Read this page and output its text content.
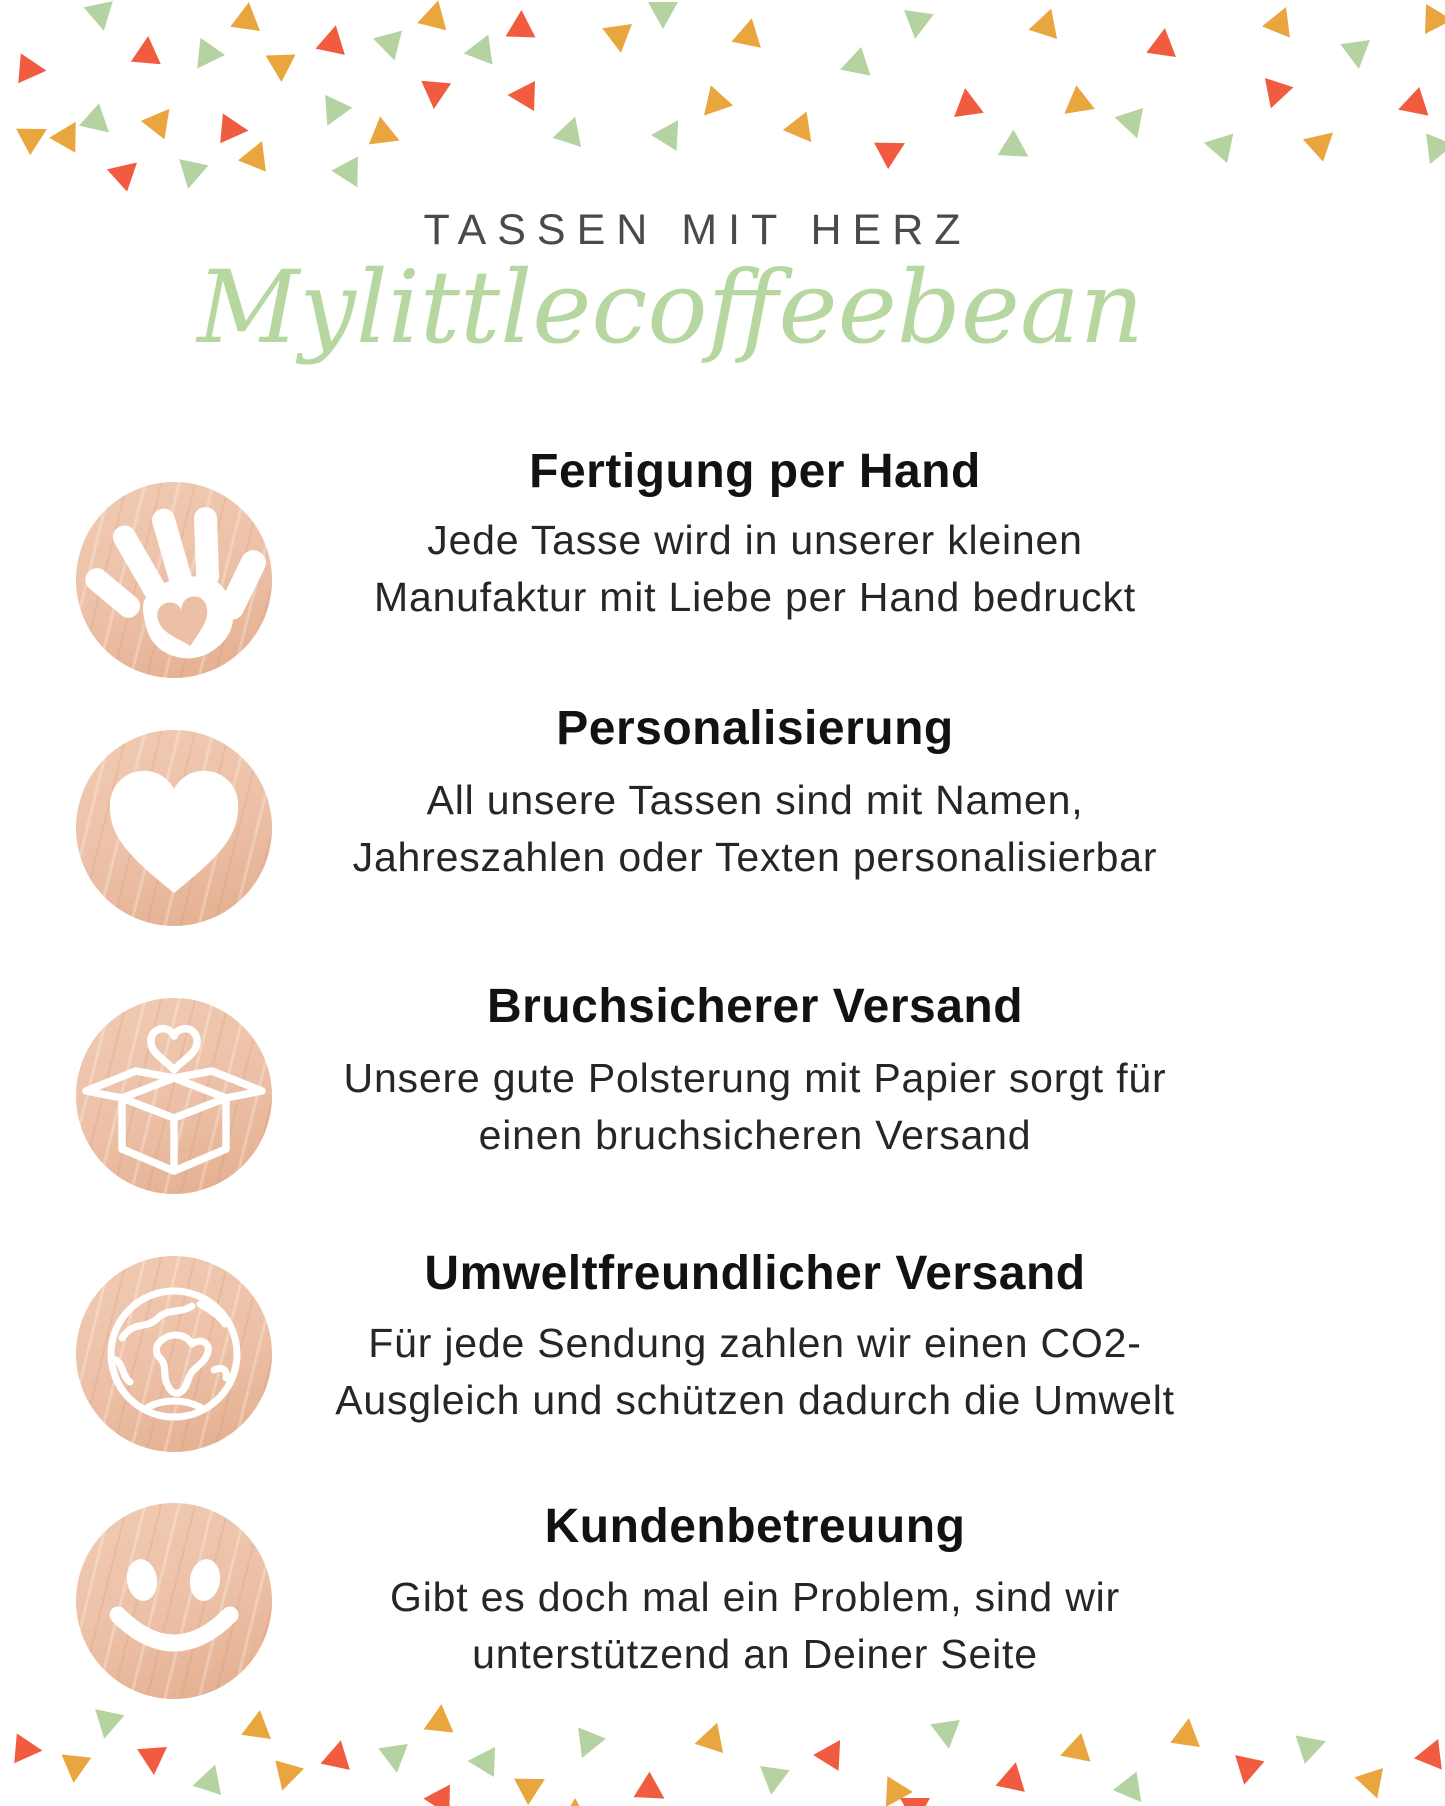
TASSEN MIT HERZ
Mylittlecoffeebean
Fertigung per Hand

Jede Tasse wird in unserer kleinen
Manufaktur mit Liebe per Hand bedruckt

Personalisierung

All unsere Tassen sind mit Namen,
Jahreszahlen oder Texten personalisierbar

Bruchsicherer Versand

Unsere gute Polsterung mit Papier sorgt für
einen bruchsicheren Versand

Umweltfreundlicher Versand

Für jede Sendung zahlen wir einen CO2-
Ausgleich und schützen dadurch die Umwelt

Kundenbetreuung

Gibt es doch mal ein Problem, sind wir
unterstützend an Deiner Seite
